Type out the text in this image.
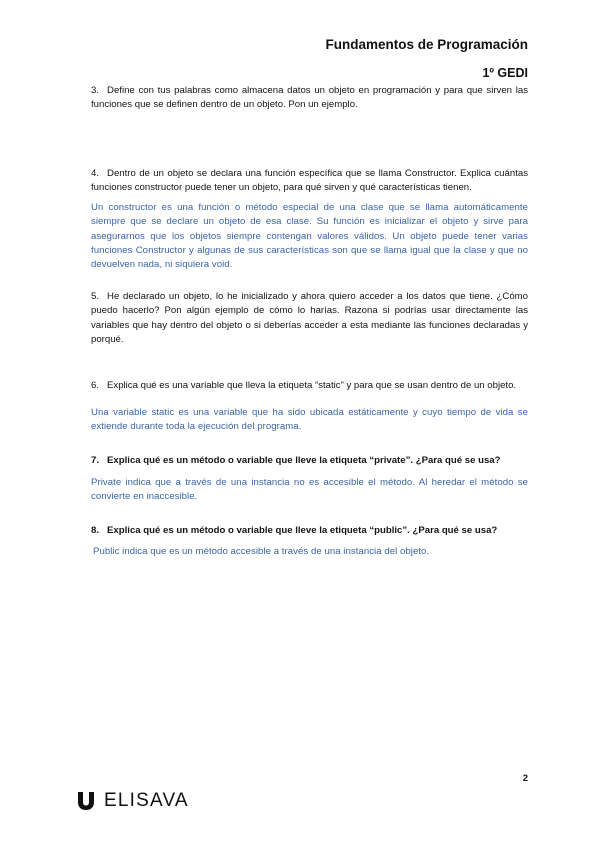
Fundamentos de Programación
1º GEDI
3. Define con tus palabras como almacena datos un objeto en programación y para que sirven las funciones que se definen dentro de un objeto. Pon un ejemplo.
4. Dentro de un objeto se declara una función específica que se llama Constructor. Explica cuántas funciones constructor puede tener un objeto, para qué sirven y qué características tienen.
Un constructor es una función o método especial de una clase que se llama automáticamente siempre que se declare un objeto de esa clase. Su función es inicializar el objeto y sirve para asegurarnos que los objetos siempre contengan valores válidos. Un objeto puede tener varias funciones Constructor y algunas de sus características son que se llama igual que la clase y que no devuelven nada, ni siquiera void.
5. He declarado un objeto, lo he inicializado y ahora quiero acceder a los datos que tiene. ¿Cómo puedo hacerlo? Pon algún ejemplo de cómo lo harías. Razona si podrías usar directamente las variables que hay dentro del objeto o si deberías acceder a esta mediante las funciones declaradas y porqué.
6. Explica qué es una variable que lleva la etiqueta “static” y para que se usan dentro de un objeto.
Una variable static es una variable que ha sido ubicada estáticamente y cuyo tiempo de vida se extiende durante toda la ejecución del programa.
7. Explica qué es un método o variable que lleve la etiqueta “private”. ¿Para qué se usa?
Private indica que a través de una instancia no es accesible el método. Al heredar el método se convierte en inaccesible.
8. Explica qué es un método o variable que lleve la etiqueta “public”. ¿Para qué se usa?
Public indica que es un método accesible a través de una instancia del objeto.
2
ELISAVA
